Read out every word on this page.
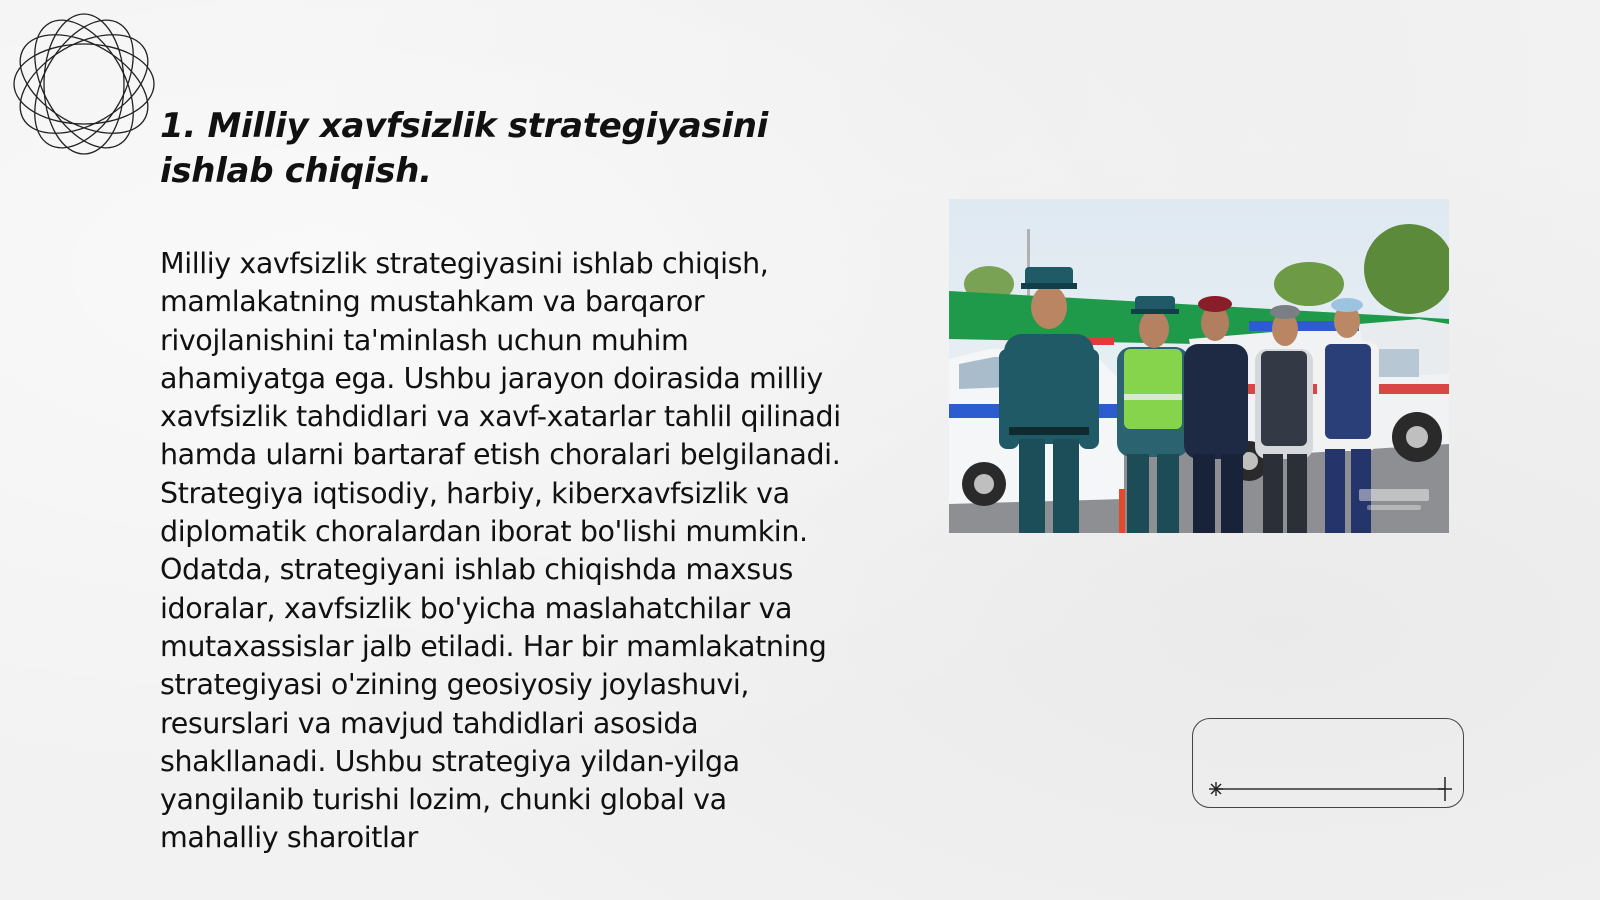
1. Milliy xavfsizlik strategiyasini ishlab chiqish.

Milliy xavfsizlik strategiyasini ishlab chiqish, mamlakatning mustahkam va barqaror rivojlanishini ta'minlash uchun muhim ahamiyatga ega. Ushbu jarayon doirasida milliy xavfsizlik tahdidlari va xavf-xatarlar tahlil qilinadi hamda ularni bartaraf etish choralari belgilanadi. Strategiya iqtisodiy, harbiy, kiberxavfsizlik va diplomatik choralardan iborat bo'lishi mumkin. Odatda, strategiyani ishlab chiqishda maxsus idoralar, xavfsizlik bo'yicha maslahatchilar va mutaxassislar jalb etiladi. Har bir mamlakatning strategiyasi o'zining geosiyosiy joylashuvi, resurslari va mavjud tahdidlari asosida shakllanadi. Ushbu strategiya yildan-yilga yangilanib turishi lozim, chunki global va mahalliy sharoitlar
